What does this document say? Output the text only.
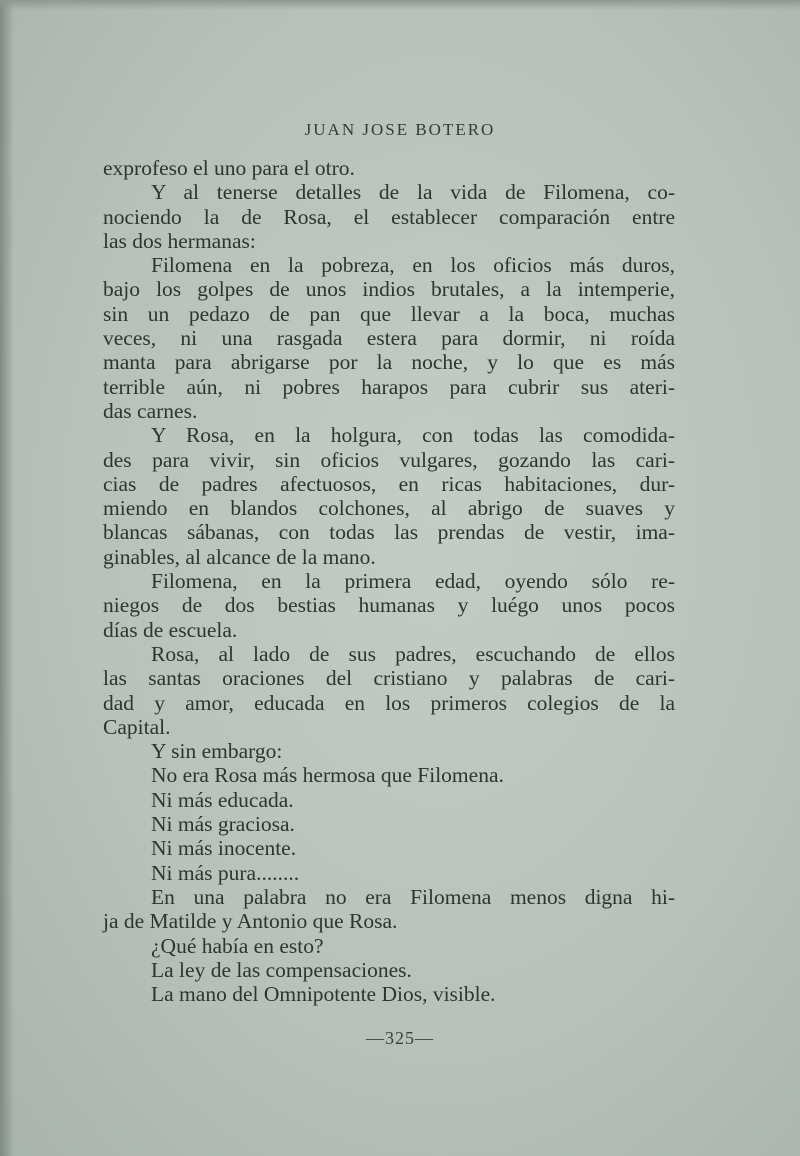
JUAN JOSE BOTERO
exprofeso el uno para el otro.
Y al tenerse detalles de la vida de Filomena, co-
nociendo la de Rosa, el establecer comparación entre
las dos hermanas:
Filomena en la pobreza, en los oficios más duros,
bajo los golpes de unos indios brutales, a la intemperie,
sin un pedazo de pan que llevar a la boca, muchas
veces, ni una rasgada estera para dormir, ni roída
manta para abrigarse por la noche, y lo que es más
terrible aún, ni pobres harapos para cubrir sus ateri-
das carnes.
Y Rosa, en la holgura, con todas las comodida-
des para vivir, sin oficios vulgares, gozando las cari-
cias de padres afectuosos, en ricas habitaciones, dur-
miendo en blandos colchones, al abrigo de suaves y
blancas sábanas, con todas las prendas de vestir, ima-
ginables, al alcance de la mano.
Filomena, en la primera edad, oyendo sólo re-
niegos de dos bestias humanas y luégo unos pocos
días de escuela.
Rosa, al lado de sus padres, escuchando de ellos
las santas oraciones del cristiano y palabras de cari-
dad y amor, educada en los primeros colegios de la
Capital.
Y sin embargo:
No era Rosa más hermosa que Filomena.
Ni más educada.
Ni más graciosa.
Ni más inocente.
Ni más pura........
En una palabra no era Filomena menos digna hi-
ja de Matilde y Antonio que Rosa.
¿Qué había en esto?
La ley de las compensaciones.
La mano del Omnipotente Dios, visible.
—325—
